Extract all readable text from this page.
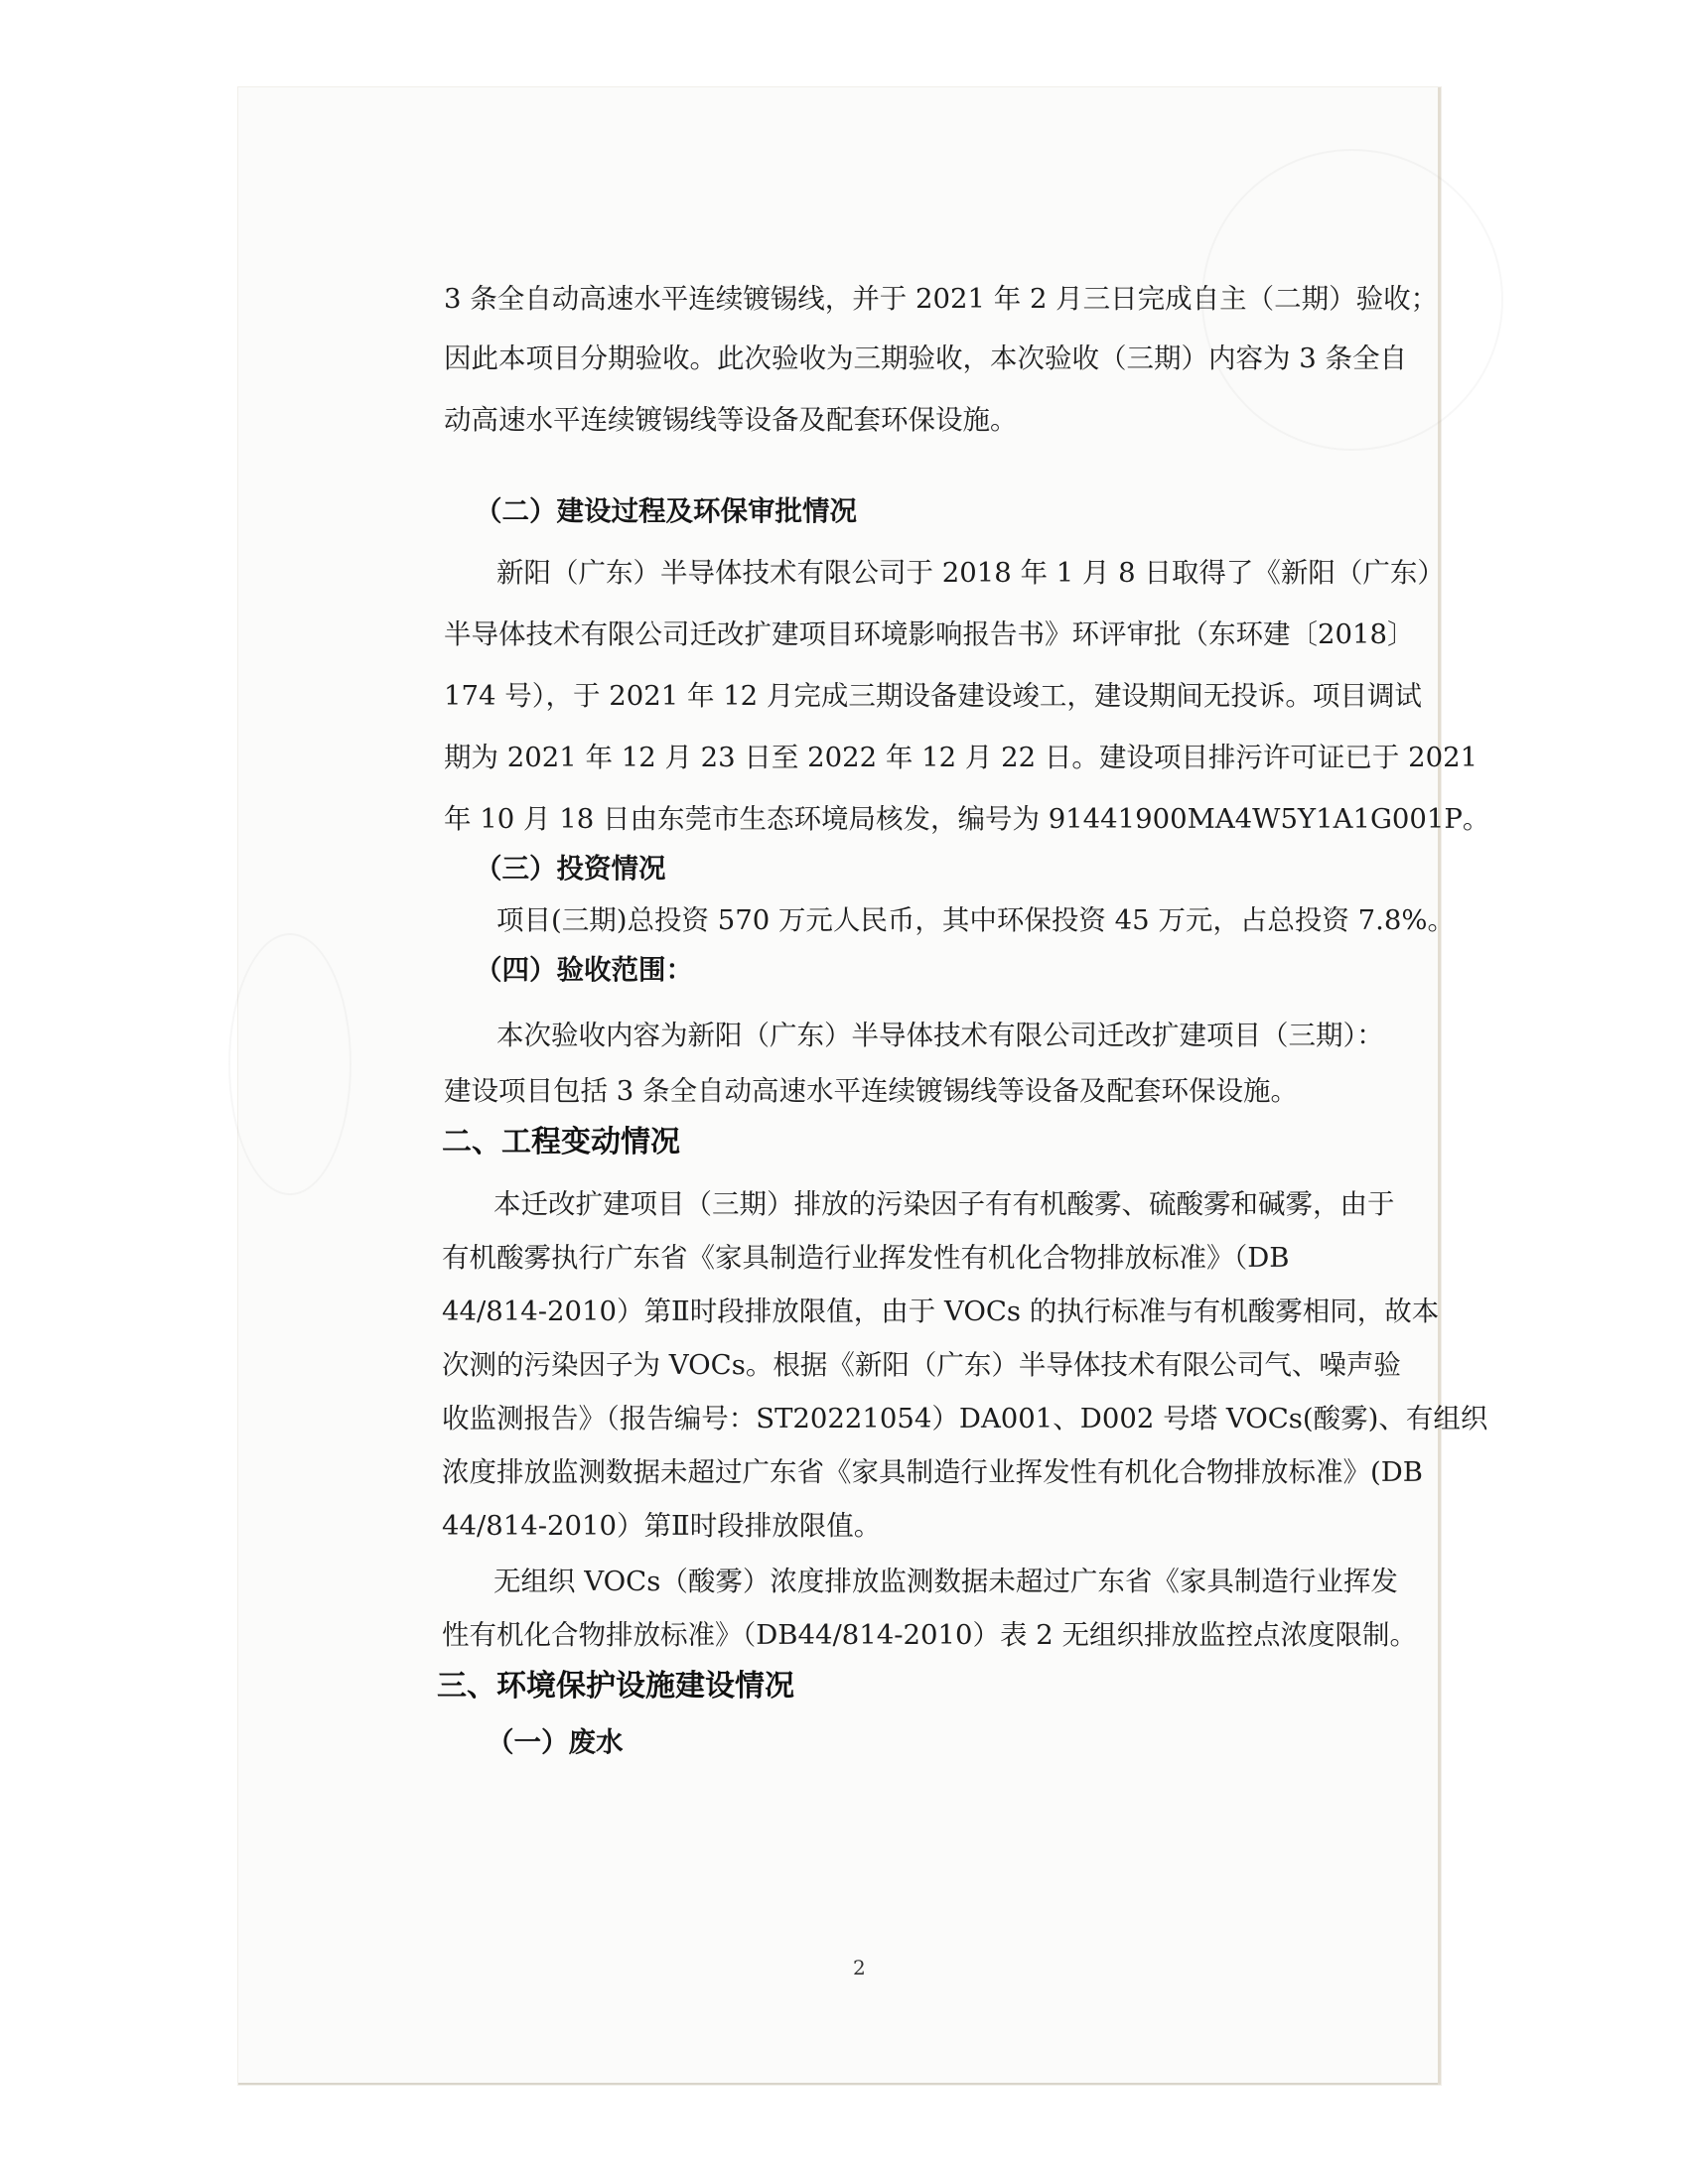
3 条全自动高速水平连续镀锡线，并于 2021 年 2 月三日完成自主（二期）验收；
因此本项目分期验收。此次验收为三期验收，本次验收（三期）内容为 3 条全自
动高速水平连续镀锡线等设备及配套环保设施。
（二）建设过程及环保审批情况
新阳（广东）半导体技术有限公司于 2018 年 1 月 8 日取得了《新阳（广东）
半导体技术有限公司迁改扩建项目环境影响报告书》环评审批（东环建〔2018〕
174 号），于 2021 年 12 月完成三期设备建设竣工，建设期间无投诉。项目调试
期为 2021 年 12 月 23 日至 2022 年 12 月 22 日。建设项目排污许可证已于 2021
年 10 月 18 日由东莞市生态环境局核发，编号为 91441900MA4W5Y1A1G001P。
（三）投资情况
项目(三期)总投资 570 万元人民币，其中环保投资 45 万元，占总投资 7.8%。
（四）验收范围：
本次验收内容为新阳（广东）半导体技术有限公司迁改扩建项目（三期）：
建设项目包括 3 条全自动高速水平连续镀锡线等设备及配套环保设施。
二、工程变动情况
本迁改扩建项目（三期）排放的污染因子有有机酸雾、硫酸雾和碱雾，由于
有机酸雾执行广东省《家具制造行业挥发性有机化合物排放标准》（DB
44/814-2010）第Ⅱ时段排放限值，由于 VOCs 的执行标准与有机酸雾相同，故本
次测的污染因子为 VOCs。根据《新阳（广东）半导体技术有限公司气、噪声验
收监测报告》（报告编号：ST20221054）DA001、D002 号塔 VOCs(酸雾)、有组织
浓度排放监测数据未超过广东省《家具制造行业挥发性有机化合物排放标准》(DB
44/814-2010）第Ⅱ时段排放限值。
无组织 VOCs（酸雾）浓度排放监测数据未超过广东省《家具制造行业挥发
性有机化合物排放标准》（DB44/814-2010）表 2 无组织排放监控点浓度限制。
三、环境保护设施建设情况
（一）废水
2
